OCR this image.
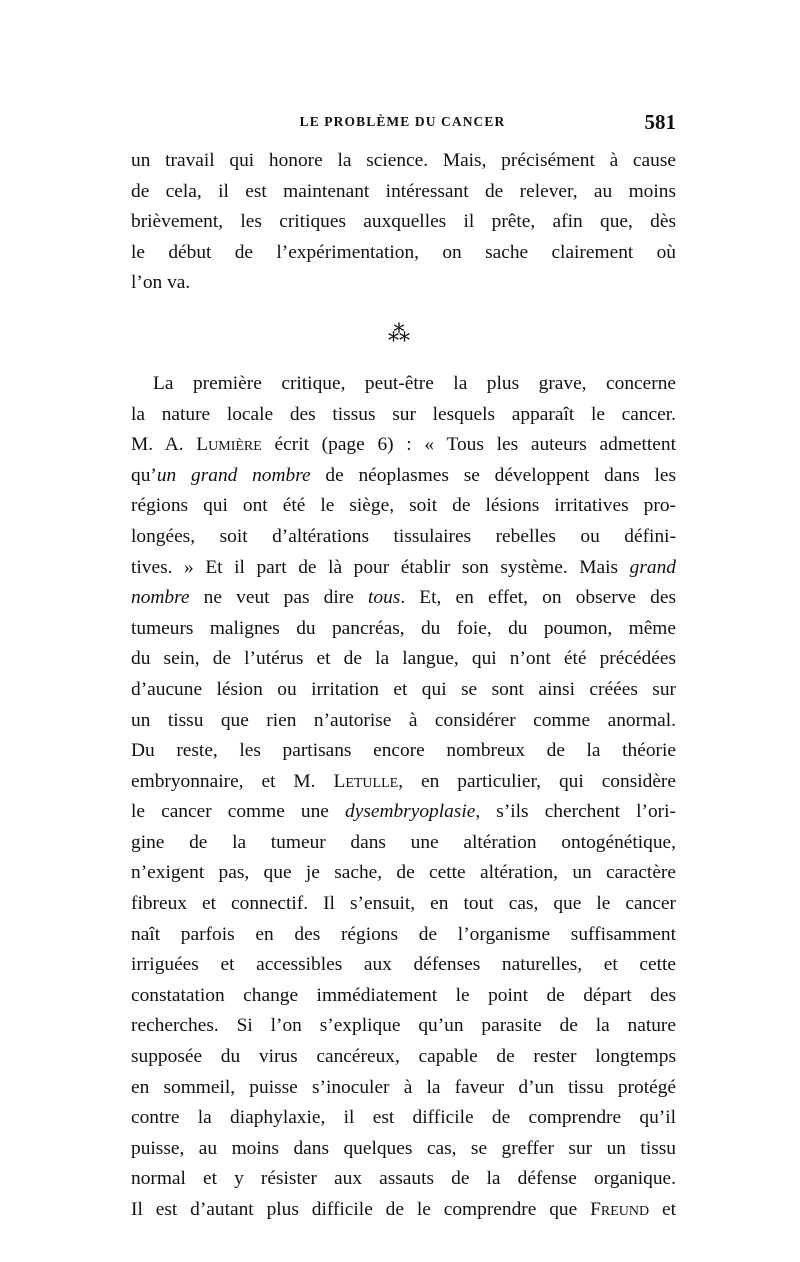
LE PROBLÈME DU CANCER	581
un travail qui honore la science. Mais, précisément à cause
de cela, il est maintenant intéressant de relever, au moins
brièvement, les critiques auxquelles il prête, afin que, dès
le début de l’expérimentation, on sache clairement où
l’on va.
⁂
La première critique, peut-être la plus grave, concerne
la nature locale des tissus sur lesquels apparaît le cancer.
M. A. Lumière écrit (page 6) : « Tous les auteurs admettent
qu’un grand nombre de néoplasmes se développent dans les
régions qui ont été le siège, soit de lésions irritatives pro-
longées, soit d’altérations tissulaires rebelles ou défini-
tives. » Et il part de là pour établir son système. Mais grand
nombre ne veut pas dire tous. Et, en effet, on observe des
tumeurs malignes du pancréas, du foie, du poumon, même
du sein, de l’utérus et de la langue, qui n’ont été précédées
d’aucune lésion ou irritation et qui se sont ainsi créées sur
un tissu que rien n’autorise à considérer comme anormal.
Du reste, les partisans encore nombreux de la théorie
embryonnaire, et M. Letulle, en particulier, qui considère
le cancer comme une dysembryoplasie, s’ils cherchent l’ori-
gine de la tumeur dans une altération ontogénétique,
n’exigent pas, que je sache, de cette altération, un caractère
fibreux et connectif. Il s’ensuit, en tout cas, que le cancer
naît parfois en des régions de l’organisme suffisamment
irriguées et accessibles aux défenses naturelles, et cette
constatation change immédiatement le point de départ des
recherches. Si l’on s’explique qu’un parasite de la nature
supposée du virus cancéreux, capable de rester longtemps
en sommeil, puisse s’inoculer à la faveur d’un tissu protégé
contre la diaphylaxie, il est difficile de comprendre qu’il
puisse, au moins dans quelques cas, se greffer sur un tissu
normal et y résister aux assauts de la défense organique.
Il est d’autant plus difficile de le comprendre que Freund et
